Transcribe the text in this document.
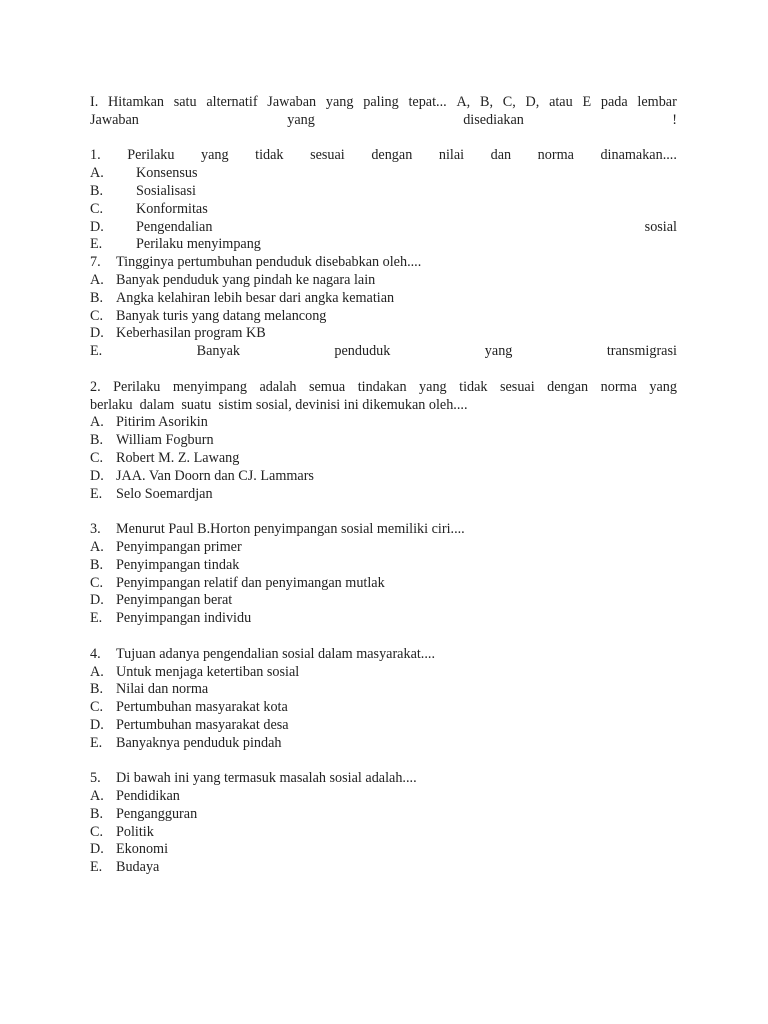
I. Hitamkan satu alternatif Jawaban yang paling tepat... A, B, C, D, atau E pada lembar
Jawaban	yang	disediakan	!
1. Perilaku yang tidak sesuai dengan nilai dan norma dinamakan....
A.	Konsensus
B.	Sosialisasi
C.	Konformitas
D.	Pengendalian	sosial
E.	Perilaku menyimpang
7.	Tingginya pertumbuhan penduduk disebabkan oleh....
A. Banyak penduduk yang pindah ke nagara lain
B. Angka kelahiran lebih besar dari angka kematian
C. Banyak turis yang datang melancong
D. Keberhasilan program KB
E.	Banyak	penduduk	yang	transmigrasi
2. Perilaku menyimpang adalah semua tindakan yang tidak sesuai dengan norma yang
berlaku  dalam  suatu  sistim sosial, devinisi ini dikemukan oleh....
A. Pitirim Asorikin
B. William Fogburn
C. Robert M. Z. Lawang
D. JAA. Van Doorn dan CJ. Lammars
E. Selo Soemardjan
3.	Menurut Paul B.Horton penyimpangan sosial memiliki ciri....
A. Penyimpangan primer
B. Penyimpangan tindak
C. Penyimpangan relatif dan penyimangan mutlak
D. Penyimpangan berat
E. Penyimpangan individu
4.	Tujuan adanya pengendalian sosial dalam masyarakat....
A. Untuk menjaga ketertiban sosial
B. Nilai dan norma
C. Pertumbuhan masyarakat kota
D. Pertumbuhan masyarakat desa
E. Banyaknya penduduk pindah
5.	Di bawah ini yang termasuk masalah sosial adalah....
A. Pendidikan
B. Pengangguran
C. Politik
D. Ekonomi
E. Budaya
